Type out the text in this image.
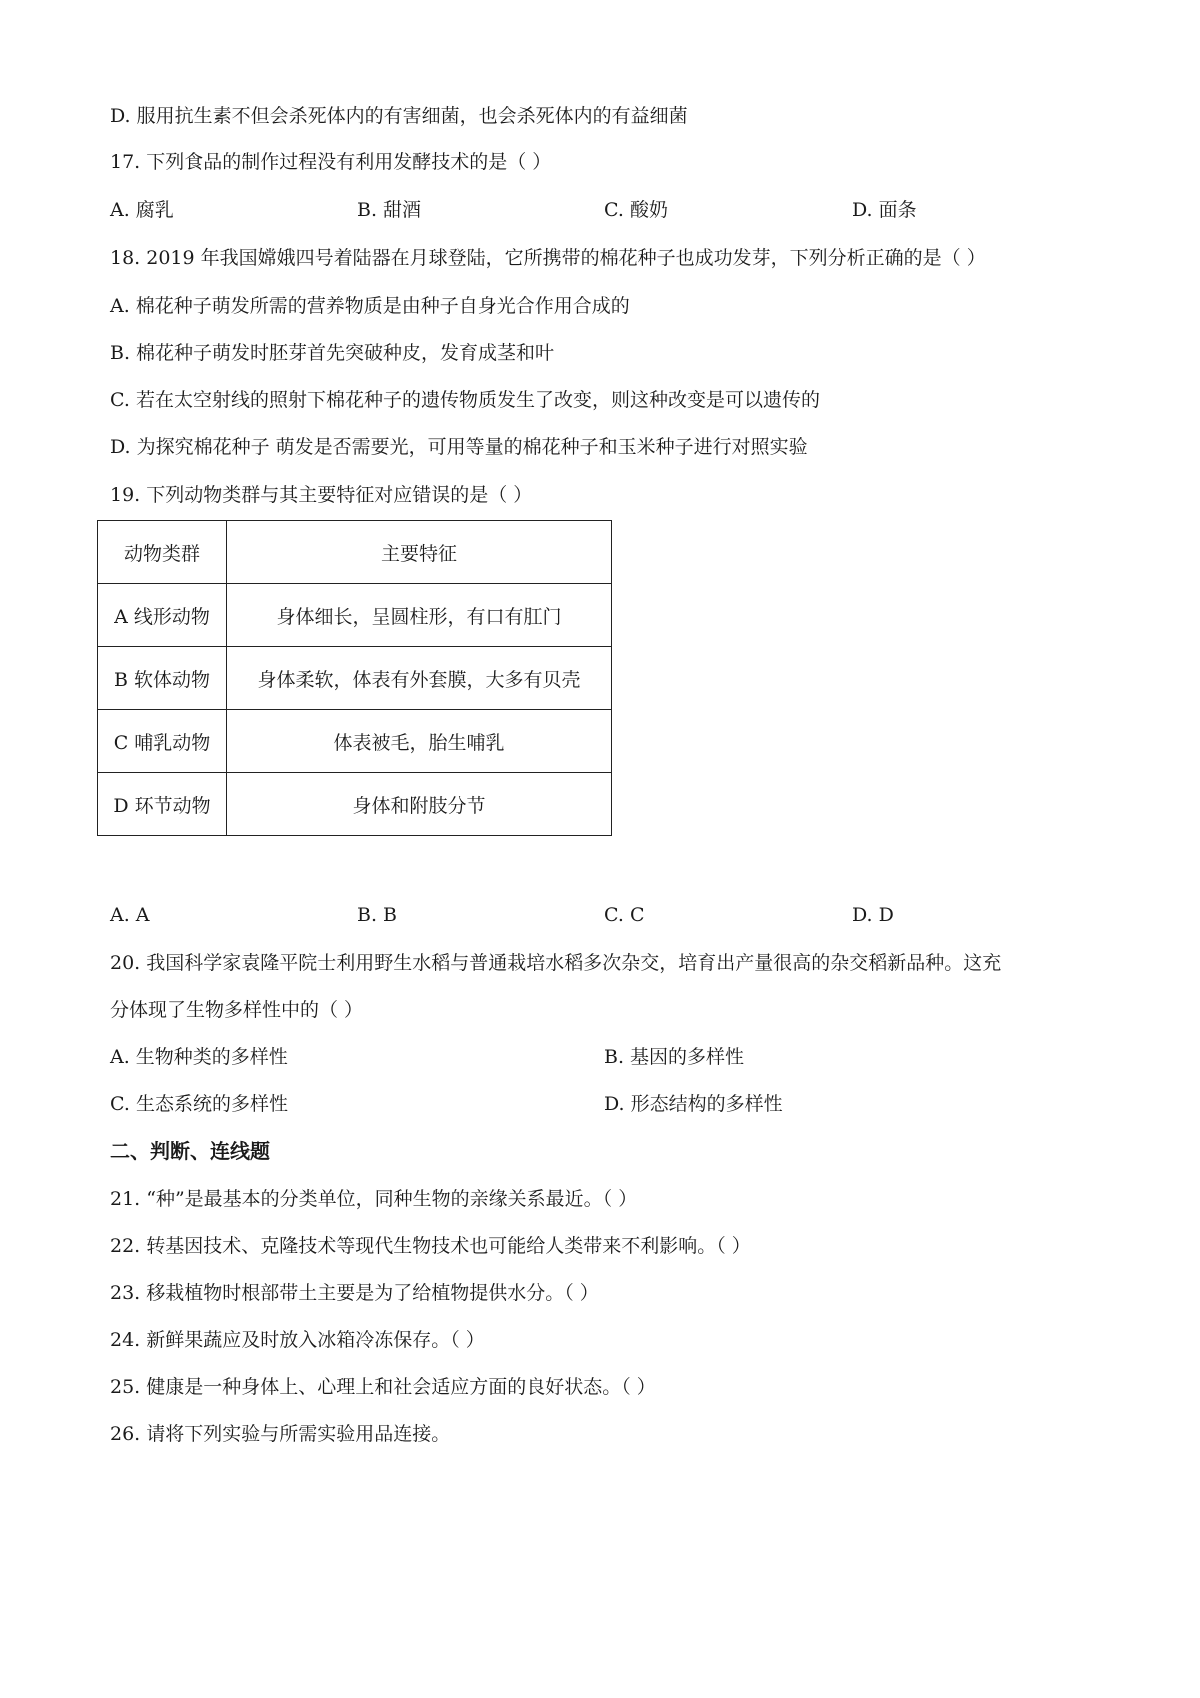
D. 服用抗生素不但会杀死体内的有害细菌，也会杀死体内的有益细菌
17. 下列食品的制作过程没有利用发酵技术的是（ ）
A. 腐乳	B. 甜酒	C. 酸奶	D. 面条
18. 2019 年我国嫦娥四号着陆器在月球登陆，它所携带的棉花种子也成功发芽，下列分析正确的是（ ）
A. 棉花种子萌发所需的营养物质是由种子自身光合作用合成的
B. 棉花种子萌发时胚芽首先突破种皮，发育成茎和叶
C. 若在太空射线的照射下棉花种子的遗传物质发生了改变，则这种改变是可以遗传的
D. 为探究棉花种子 萌发是否需要光，可用等量的棉花种子和玉米种子进行对照实验
19. 下列动物类群与其主要特征对应错误的是（ ）
动物类群	主要特征
A 线形动物	身体细长，呈圆柱形，有口有肛门
B 软体动物	身体柔软，体表有外套膜，大多有贝壳
C 哺乳动物	体表被毛，胎生哺乳
D 环节动物	身体和附肢分节
A. A	B. B	C. C	D. D
20. 我国科学家袁隆平院士利用野生水稻与普通栽培水稻多次杂交，培育出产量很高的杂交稻新品种。这充
分体现了生物多样性中的（ ）
A. 生物种类的多样性	B. 基因的多样性
C. 生态系统的多样性	D. 形态结构的多样性
二、判断、连线题
21. “种”是最基本的分类单位，同种生物的亲缘关系最近。（ ）
22. 转基因技术、克隆技术等现代生物技术也可能给人类带来不利影响。（ ）
23. 移栽植物时根部带土主要是为了给植物提供水分。（ ）
24. 新鲜果蔬应及时放入冰箱冷冻保存。（ ）
25. 健康是一种身体上、心理上和社会适应方面的良好状态。（ ）
26. 请将下列实验与所需实验用品连接。
